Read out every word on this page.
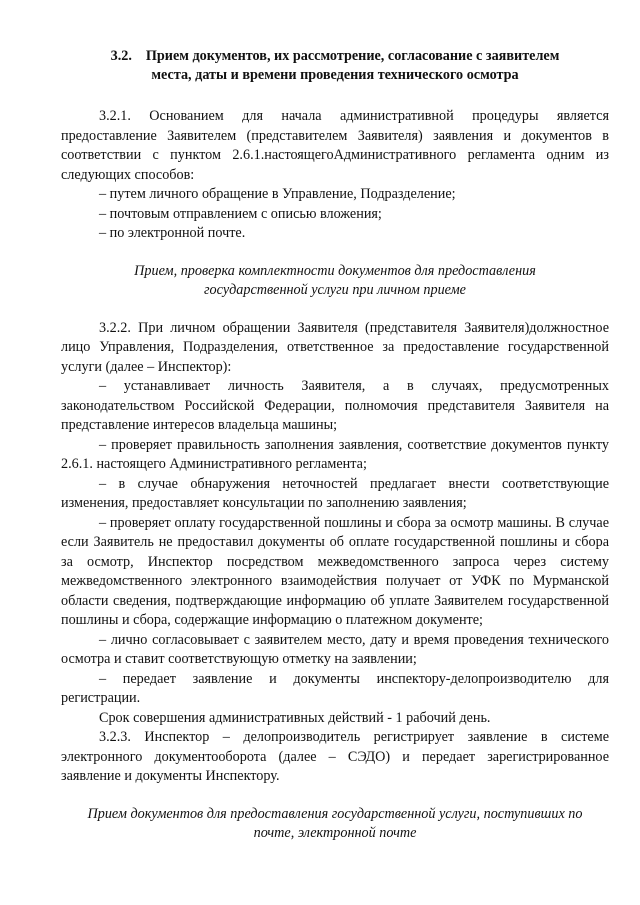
3.2. Прием документов, их рассмотрение, согласование с заявителем
места, даты и времени проведения технического осмотра

3.2.1. Основанием для начала административной процедуры является предоставление Заявителем (представителем Заявителя) заявления и документов в соответствии с пунктом 2.6.1.настоящегоАдминистративного регламента одним из следующих способов:

– путем личного обращение в Управление, Подразделение;

– почтовым отправлением с описью вложения;

– по электронной почте.

Прием, проверка комплектности документов для предоставления
государственной услуги при личном приеме

3.2.2. При личном обращении Заявителя (представителя Заявителя)должностное лицо Управления, Подразделения, ответственное за предоставление государственной услуги (далее – Инспектор):

– устанавливает личность Заявителя, а в случаях, предусмотренных законодательством Российской Федерации, полномочия представителя Заявителя на представление интересов владельца машины;

– проверяет правильность заполнения заявления, соответствие документов пункту 2.6.1. настоящего Административного регламента;

– в случае обнаружения неточностей предлагает внести соответствующие изменения, предоставляет консультации по заполнению заявления;

– проверяет оплату государственной пошлины и сбора за осмотр машины. В случае если Заявитель не предоставил документы об оплате государственной пошлины и сбора за осмотр, Инспектор посредством межведомственного запроса через систему межведомственного электронного взаимодействия получает от УФК по Мурманской области сведения, подтверждающие информацию об уплате Заявителем государственной пошлины и сбора, содержащие информацию о платежном документе;

– лично согласовывает с заявителем место, дату и время проведения технического осмотра и ставит соответствующую отметку на заявлении;

– передает заявление и документы инспектору-делопроизводителю для регистрации.

Срок совершения административных действий - 1 рабочий день.

3.2.3. Инспектор – делопроизводитель регистрирует заявление в системе электронного документооборота (далее – СЭДО) и передает зарегистрированное заявление и документы Инспектору.

Прием документов для предоставления государственной услуги, поступивших по
почте, электронной почте
